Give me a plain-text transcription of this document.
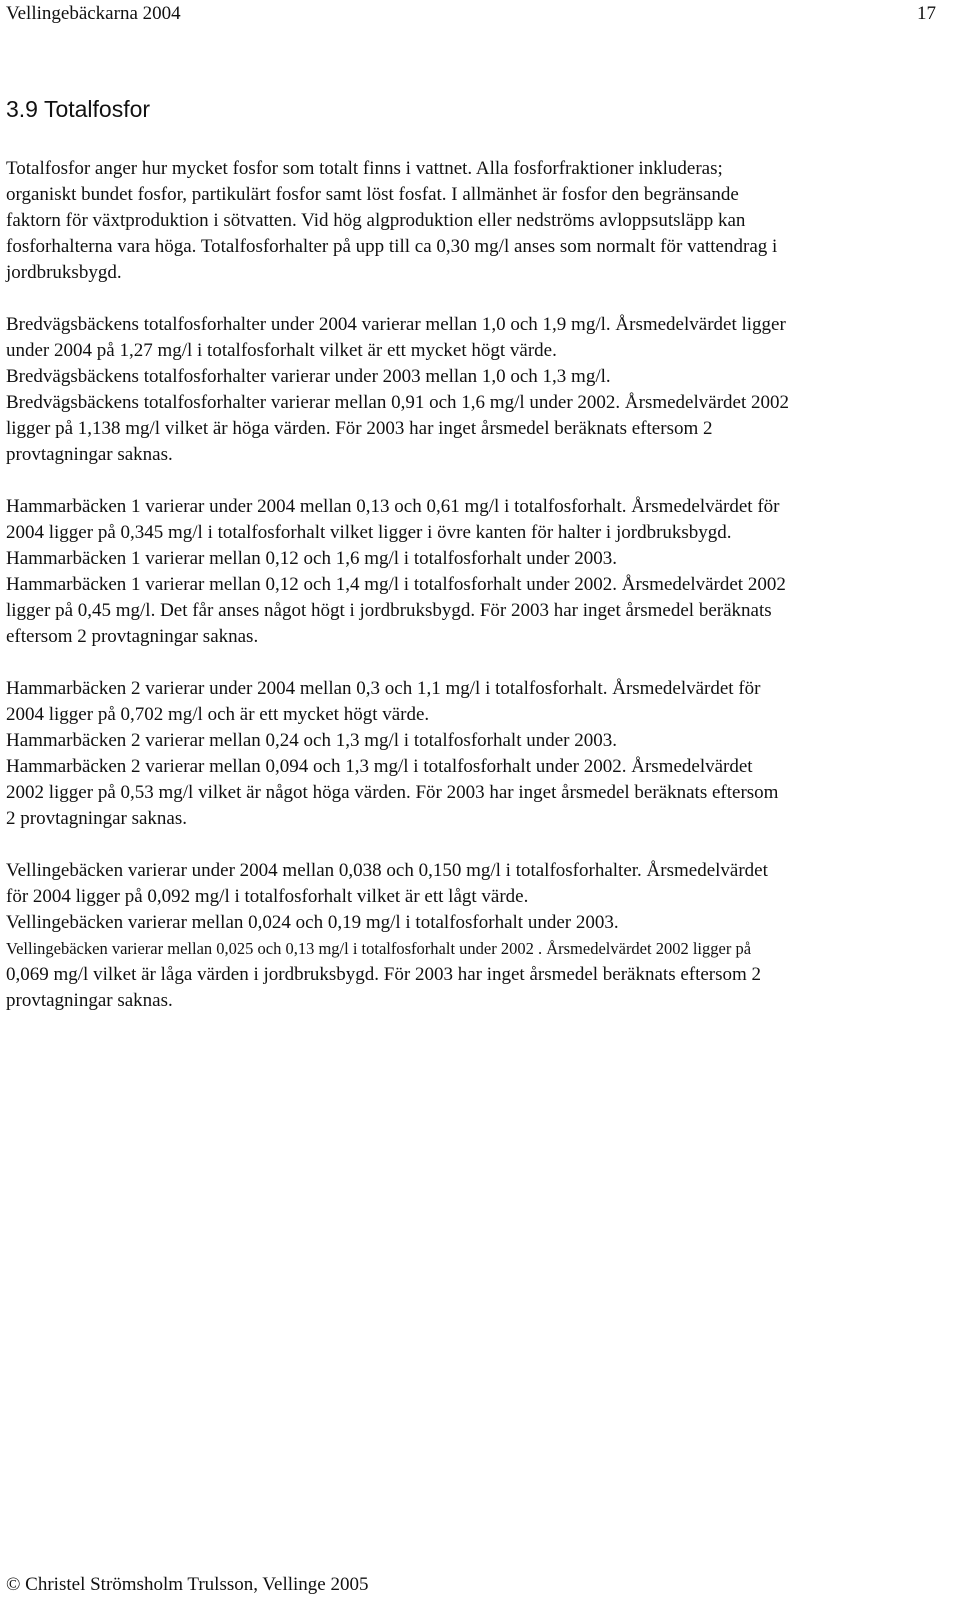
Vellingebäckarna 2004	17
3.9 Totalfosfor
Totalfosfor anger hur mycket fosfor som totalt finns i vattnet. Alla fosforfraktioner inkluderas;
organiskt bundet fosfor, partikulärt fosfor samt löst fosfat. I allmänhet är fosfor den begränsande
faktorn för växtproduktion i sötvatten. Vid hög algproduktion eller nedströms avloppsutsläpp kan
fosforhalterna vara höga. Totalfosforhalter på upp till ca 0,30 mg/l anses som normalt för vattendrag i
jordbruksbygd.
Bredvägsbäckens totalfosforhalter under 2004 varierar mellan 1,0 och 1,9 mg/l. Årsmedelvärdet ligger
under 2004 på 1,27 mg/l i totalfosforhalt vilket är ett mycket högt värde.
Bredvägsbäckens totalfosforhalter varierar under 2003 mellan 1,0 och 1,3 mg/l.
Bredvägsbäckens totalfosforhalter varierar mellan 0,91 och 1,6 mg/l under 2002. Årsmedelvärdet 2002
ligger på 1,138 mg/l vilket är höga värden. För 2003 har inget årsmedel beräknats eftersom 2
provtagningar saknas.
Hammarbäcken 1 varierar under 2004 mellan 0,13 och 0,61 mg/l i totalfosforhalt. Årsmedelvärdet för
2004 ligger på 0,345 mg/l i totalfosforhalt vilket ligger i övre kanten för halter i jordbruksbygd.
Hammarbäcken 1 varierar mellan 0,12 och 1,6 mg/l i totalfosforhalt under 2003.
Hammarbäcken 1 varierar mellan 0,12 och 1,4 mg/l i totalfosforhalt under 2002. Årsmedelvärdet 2002
ligger på 0,45 mg/l. Det får anses något högt i jordbruksbygd. För 2003 har inget årsmedel beräknats
eftersom 2 provtagningar saknas.
Hammarbäcken 2 varierar under 2004 mellan 0,3 och 1,1 mg/l i totalfosforhalt. Årsmedelvärdet för
2004 ligger på 0,702 mg/l och är ett mycket högt värde.
Hammarbäcken 2 varierar mellan 0,24 och 1,3 mg/l i totalfosforhalt under 2003.
Hammarbäcken 2 varierar mellan 0,094 och 1,3 mg/l i totalfosforhalt under 2002. Årsmedelvärdet
2002 ligger på 0,53 mg/l vilket är något höga värden. För 2003 har inget årsmedel beräknats eftersom
2 provtagningar saknas.
Vellingebäcken varierar under 2004 mellan 0,038 och 0,150 mg/l i totalfosforhalter. Årsmedelvärdet
för 2004 ligger på 0,092 mg/l i totalfosforhalt vilket är ett lågt värde.
Vellingebäcken varierar mellan 0,024 och 0,19 mg/l i totalfosforhalt under 2003.
Vellingebäcken varierar mellan 0,025 och 0,13 mg/l i totalfosforhalt under 2002 . Årsmedelvärdet 2002 ligger på
0,069 mg/l vilket är låga värden i jordbruksbygd. För 2003 har inget årsmedel beräknats eftersom 2
provtagningar saknas.
© Christel Strömsholm Trulsson, Vellinge 2005
